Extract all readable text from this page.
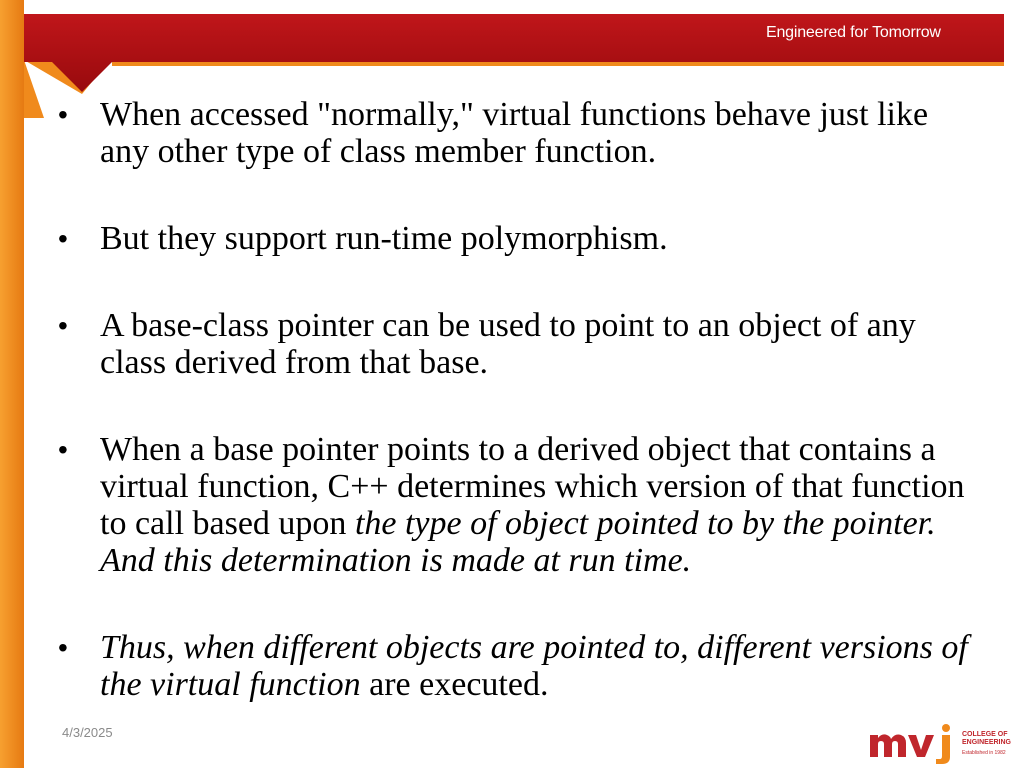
Engineered for Tomorrow
• When accessed "normally," virtual functions behave just like any other type of class member function.
• But they support run-time polymorphism.
• A base-class pointer can be used to point to an object of any class derived from that base.
• When a base pointer points to a derived object that contains a virtual function, C++ determines which version of that function to call based upon the type of object pointed to by the pointer. And this determination is made at run time.
• Thus, when different objects are pointed to, different versions of the virtual function are executed.
4/3/2025	COLLEGE OF
ENGINEERING
Established in 1982
